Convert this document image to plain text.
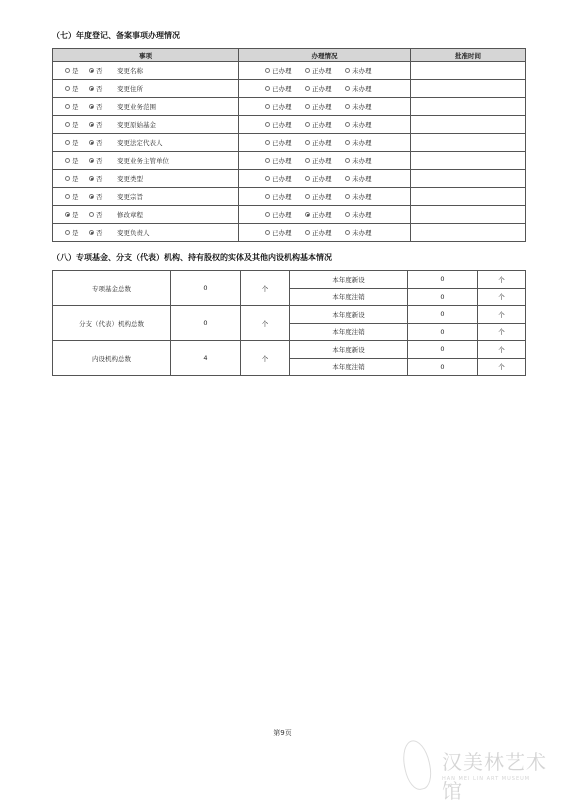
（七）年度登记、备案事项办理情况
事项	办理情况	批准时间
是 否 变更名称	已办理 正办理 未办理	
是 否 变更住所	已办理 正办理 未办理	
是 否 变更业务范围	已办理 正办理 未办理	
是 否 变更原始基金	已办理 正办理 未办理	
是 否 变更法定代表人	已办理 正办理 未办理	
是 否 变更业务主管单位	已办理 正办理 未办理	
是 否 变更类型	已办理 正办理 未办理	
是 否 变更宗旨	已办理 正办理 未办理	
是 否 修改章程	已办理 正办理 未办理	
是 否 变更负责人	已办理 正办理 未办理	
（八）专项基金、分支（代表）机构、持有股权的实体及其他内设机构基本情况
专项基金总数	0	个	本年度新设	0	个
			本年度注销	0	个
分支（代表）机构总数	0	个	本年度新设	0	个
			本年度注销	0	个
内设机构总数	4	个	本年度新设	0	个
			本年度注销	0	个
第9页
汉美林艺术馆
HAN MEI LIN ART MUSEUM
